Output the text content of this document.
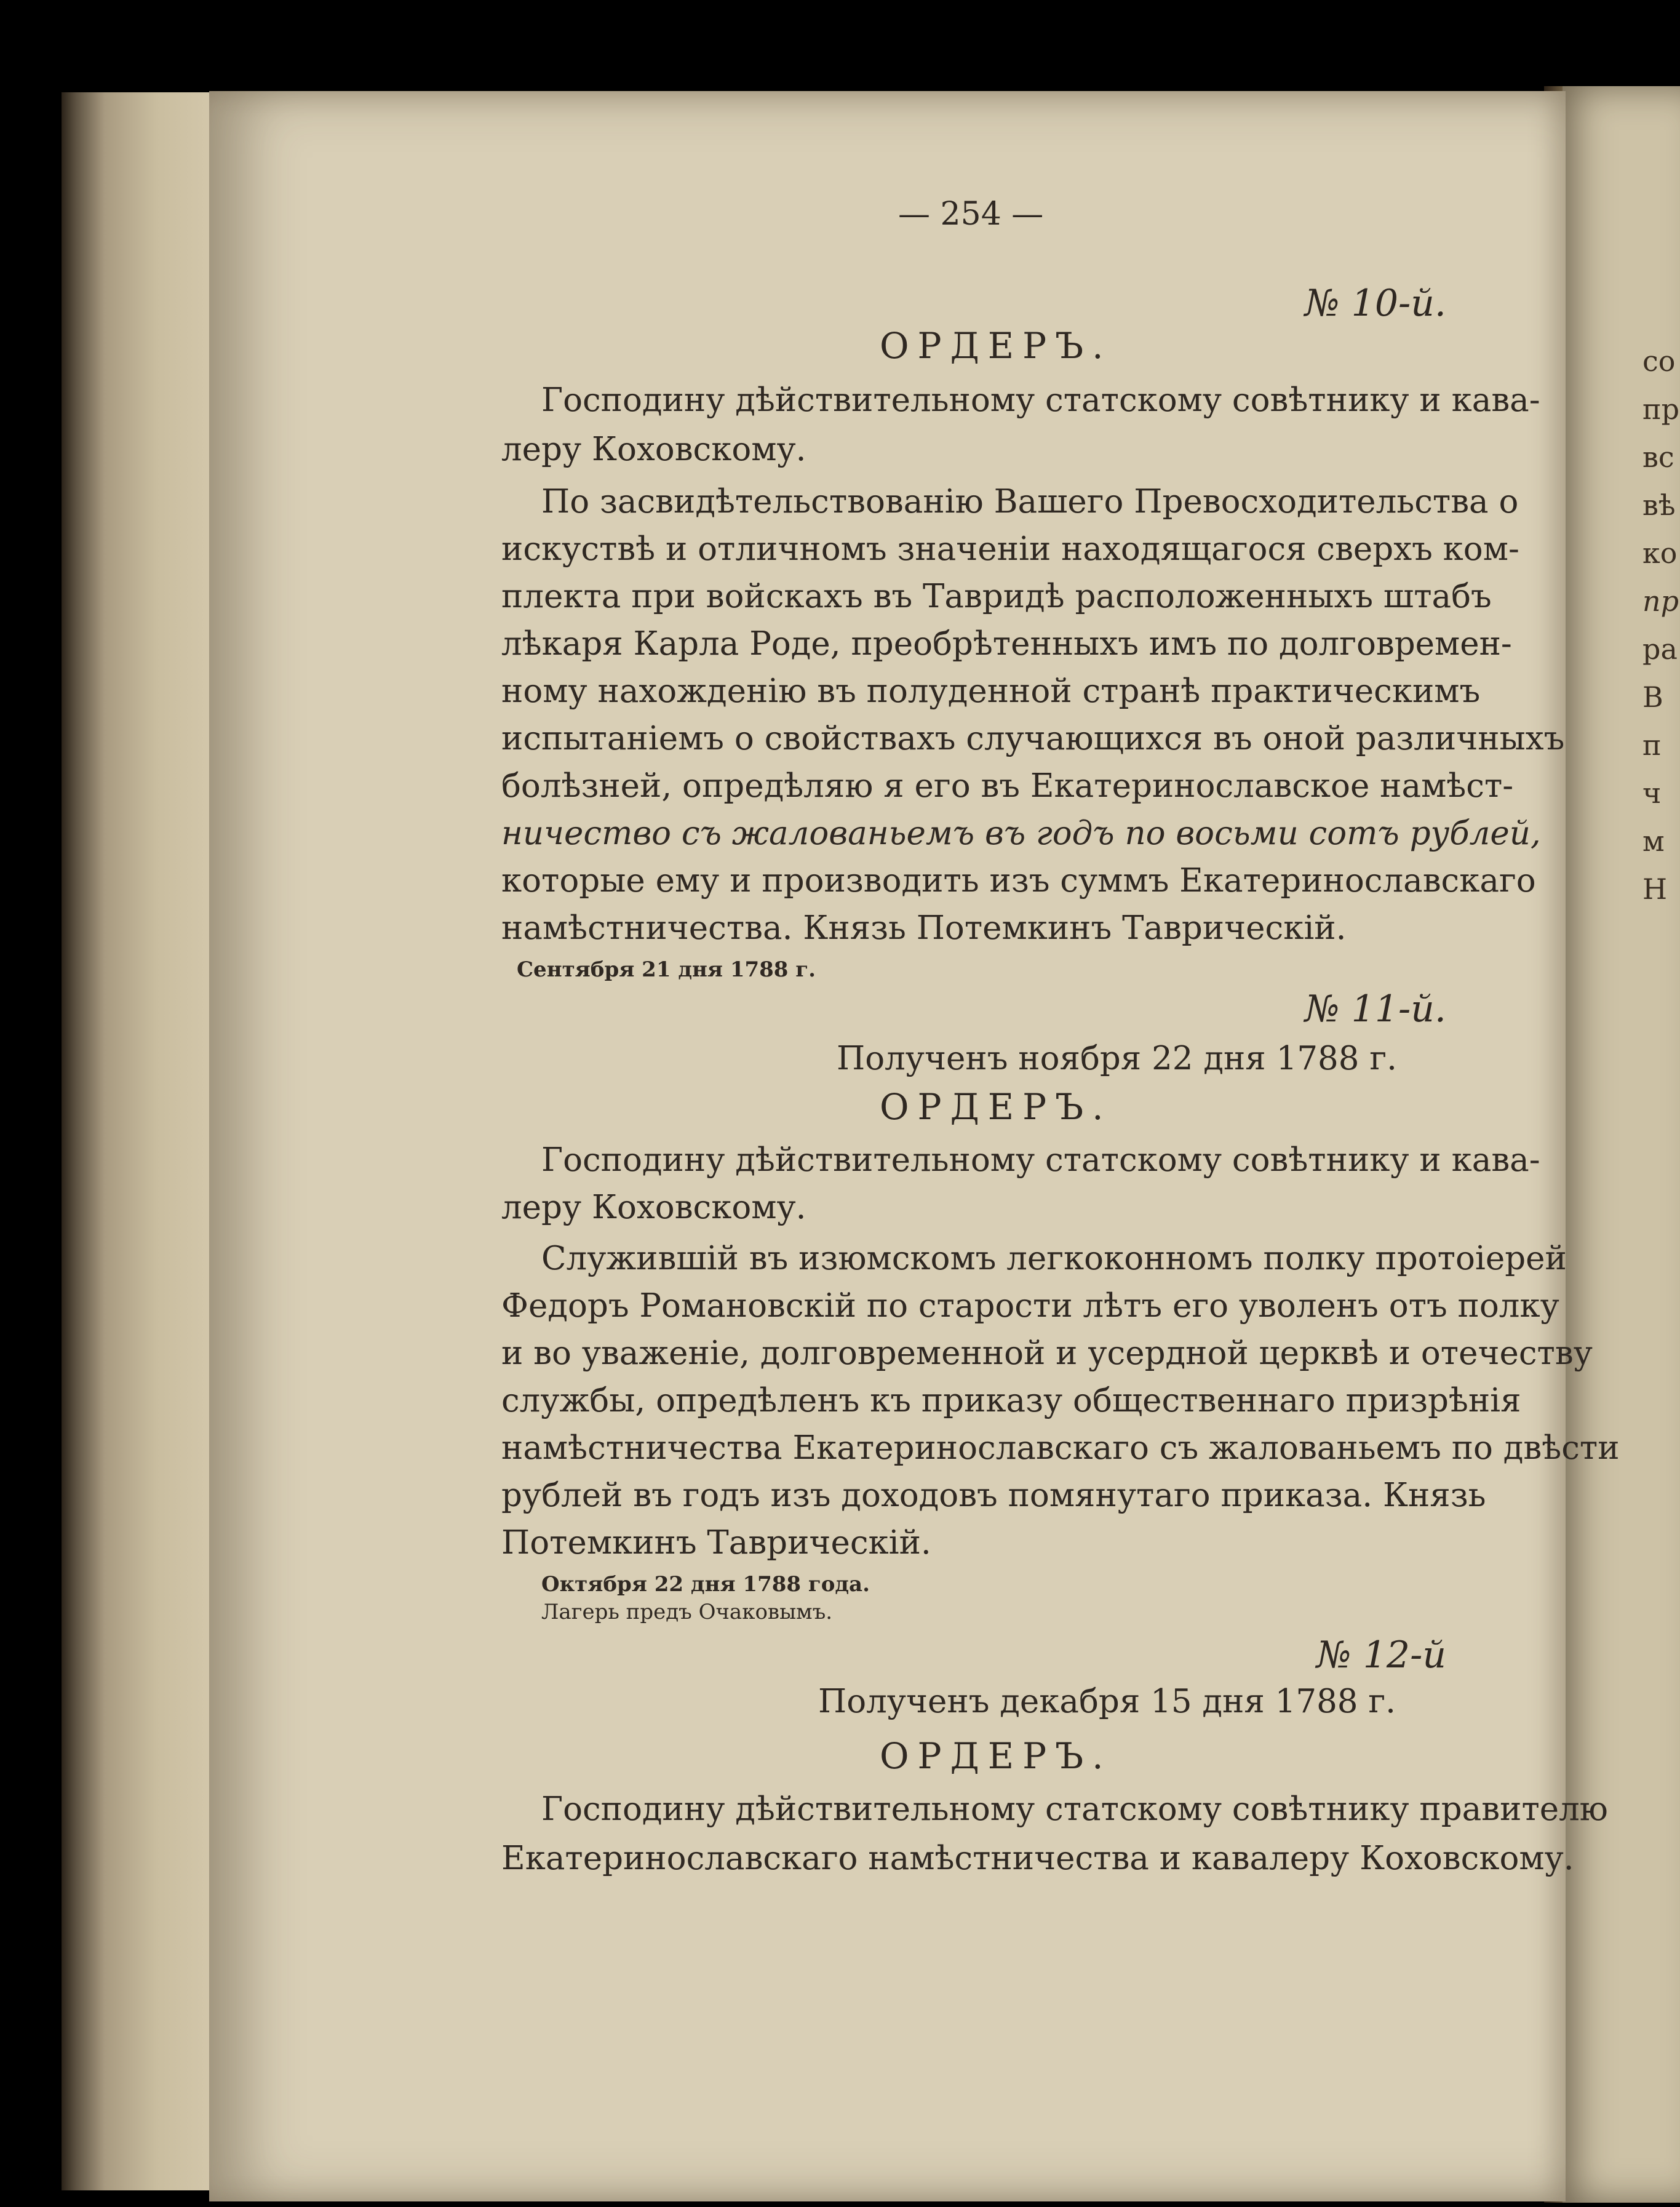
со
пр
вс
вѣ
ко
пр
ра
В
п
ч
м
Н
— 254 —
№ 10-й.
ОРДЕРЪ.
Господину дѣйствительному статскому совѣтнику и кава-
леру Коховскому.
По засвидѣтельствованію Вашего Превосходительства о
искуствѣ и отличномъ значеніи находящагося сверхъ ком-
плекта при войскахъ въ Тавридѣ расположенныхъ штабъ
лѣкаря Карла Роде, преобрѣтенныхъ имъ по долговремен-
ному нахожденію въ полуденной странѣ практическимъ
испытаніемъ о свойствахъ случающихся въ оной различныхъ
болѣзней, опредѣляю я его въ Екатеринославское намѣст-
ничество съ жалованьемъ въ годъ по восьми сотъ рублей,
которые ему и производить изъ суммъ Екатеринославскаго
намѣстничества. Князь Потемкинъ Таврическій.
Сентября 21 дня 1788 г.
№ 11-й.
Полученъ ноября 22 дня 1788 г.
ОРДЕРЪ.
Господину дѣйствительному статскому совѣтнику и кава-
леру Коховскому.
Служившій въ изюмскомъ легкоконномъ полку протоіерей
Федоръ Романовскій по старости лѣтъ его уволенъ отъ полку
и во уваженіе, долговременной и усердной церквѣ и отечеству
службы, опредѣленъ къ приказу общественнаго призрѣнія
намѣстничества Екатеринославскаго съ жалованьемъ по двѣсти
рублей въ годъ изъ доходовъ помянутаго приказа. Князь
Потемкинъ Таврическій.
Октября 22 дня 1788 года.
Лагерь предъ Очаковымъ.
№ 12-й
Полученъ декабря 15 дня 1788 г.
ОРДЕРЪ.
Господину дѣйствительному статскому совѣтнику правителю
Екатеринославскаго намѣстничества и кавалеру Коховскому.
